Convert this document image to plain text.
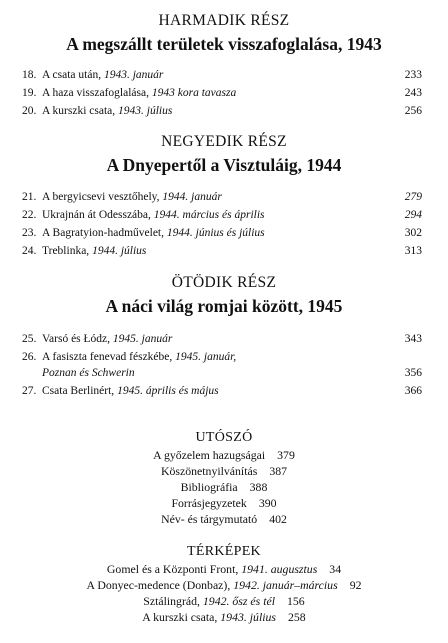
HARMADIK RÉSZ
A megszállt területek visszafoglalása, 1943
18. A csata után, 1943. január	233
19. A haza visszafoglalása, 1943 kora tavasza	243
20. A kurszki csata, 1943. július	256
NEGYEDIK RÉSZ
A Dnyepertől a Visztuláig, 1944
21. A bergyicsevi vesztőhely, 1944. január	279
22. Ukrajnán át Odesszába, 1944. március és április	294
23. A Bagratyion-hadművelet, 1944. június és július	302
24. Treblinka, 1944. július	313
ÖTÖDIK RÉSZ
A náci világ romjai között, 1945
25. Varsó és Łódz, 1945. január	343
26. A fasiszta fenevad fészkébe, 1945. január,
Poznan és Schwerin	356
27. Csata Berlinért, 1945. április és május	366
UTÓSZÓ
A győzelem hazugságai 379
Köszönetnyilvánítás 387
Bibliográfia 388
Forrásjegyzetek 390
Név- és tárgymutató 402
TÉRKÉPEK
Gomel és a Központi Front, 1941. augusztus 34
A Donyec-medence (Donbaz), 1942. január–március 92
Sztálingrád, 1942. ősz és tél 156
A kurszki csata, 1943. július 258
